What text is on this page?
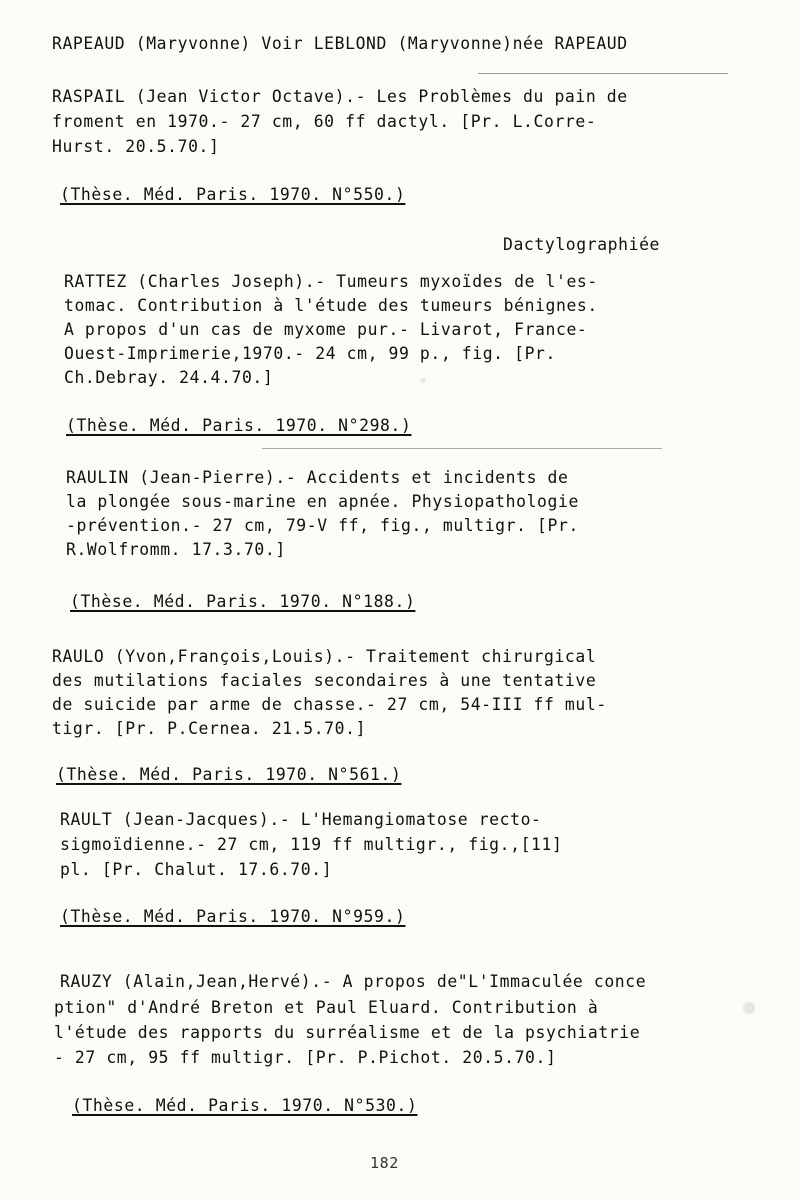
RAPEAUD (Maryvonne) Voir LEBLOND (Maryvonne)née RAPEAUD
RASPAIL (Jean Victor Octave).- Les Problèmes du pain de
froment en 1970.- 27 cm, 60 ff dactyl. [Pr. L.Corre-
Hurst. 20.5.70.]
(Thèse. Méd. Paris. 1970. N°550.)
Dactylographiée
RATTEZ (Charles Joseph).- Tumeurs myxoïdes de l'es-
tomac. Contribution à l'étude des tumeurs bénignes.
A propos d'un cas de myxome pur.- Livarot, France-
Ouest-Imprimerie,1970.- 24 cm, 99 p., fig. [Pr.
Ch.Debray. 24.4.70.]
(Thèse. Méd. Paris. 1970. N°298.)
RAULIN (Jean-Pierre).- Accidents et incidents de
la plongée sous-marine en apnée. Physiopathologie
-prévention.- 27 cm, 79-V ff, fig., multigr. [Pr.
R.Wolfromm. 17.3.70.]
(Thèse. Méd. Paris. 1970. N°188.)
RAULO (Yvon,François,Louis).- Traitement chirurgical
des mutilations faciales secondaires à une tentative
de suicide par arme de chasse.- 27 cm, 54-III ff mul-
tigr. [Pr. P.Cernea. 21.5.70.]
(Thèse. Méd. Paris. 1970. N°561.)
RAULT (Jean-Jacques).- L'Hemangiomatose recto-
sigmoïdienne.- 27 cm, 119 ff multigr., fig.,[11]
pl. [Pr. Chalut. 17.6.70.]
(Thèse. Méd. Paris. 1970. N°959.)
RAUZY (Alain,Jean,Hervé).- A propos de"L'Immaculée conce
ption" d'André Breton et Paul Eluard. Contribution à
l'étude des rapports du surréalisme et de la psychiatrie
- 27 cm, 95 ff multigr. [Pr. P.Pichot. 20.5.70.]
(Thèse. Méd. Paris. 1970. N°530.)
182
